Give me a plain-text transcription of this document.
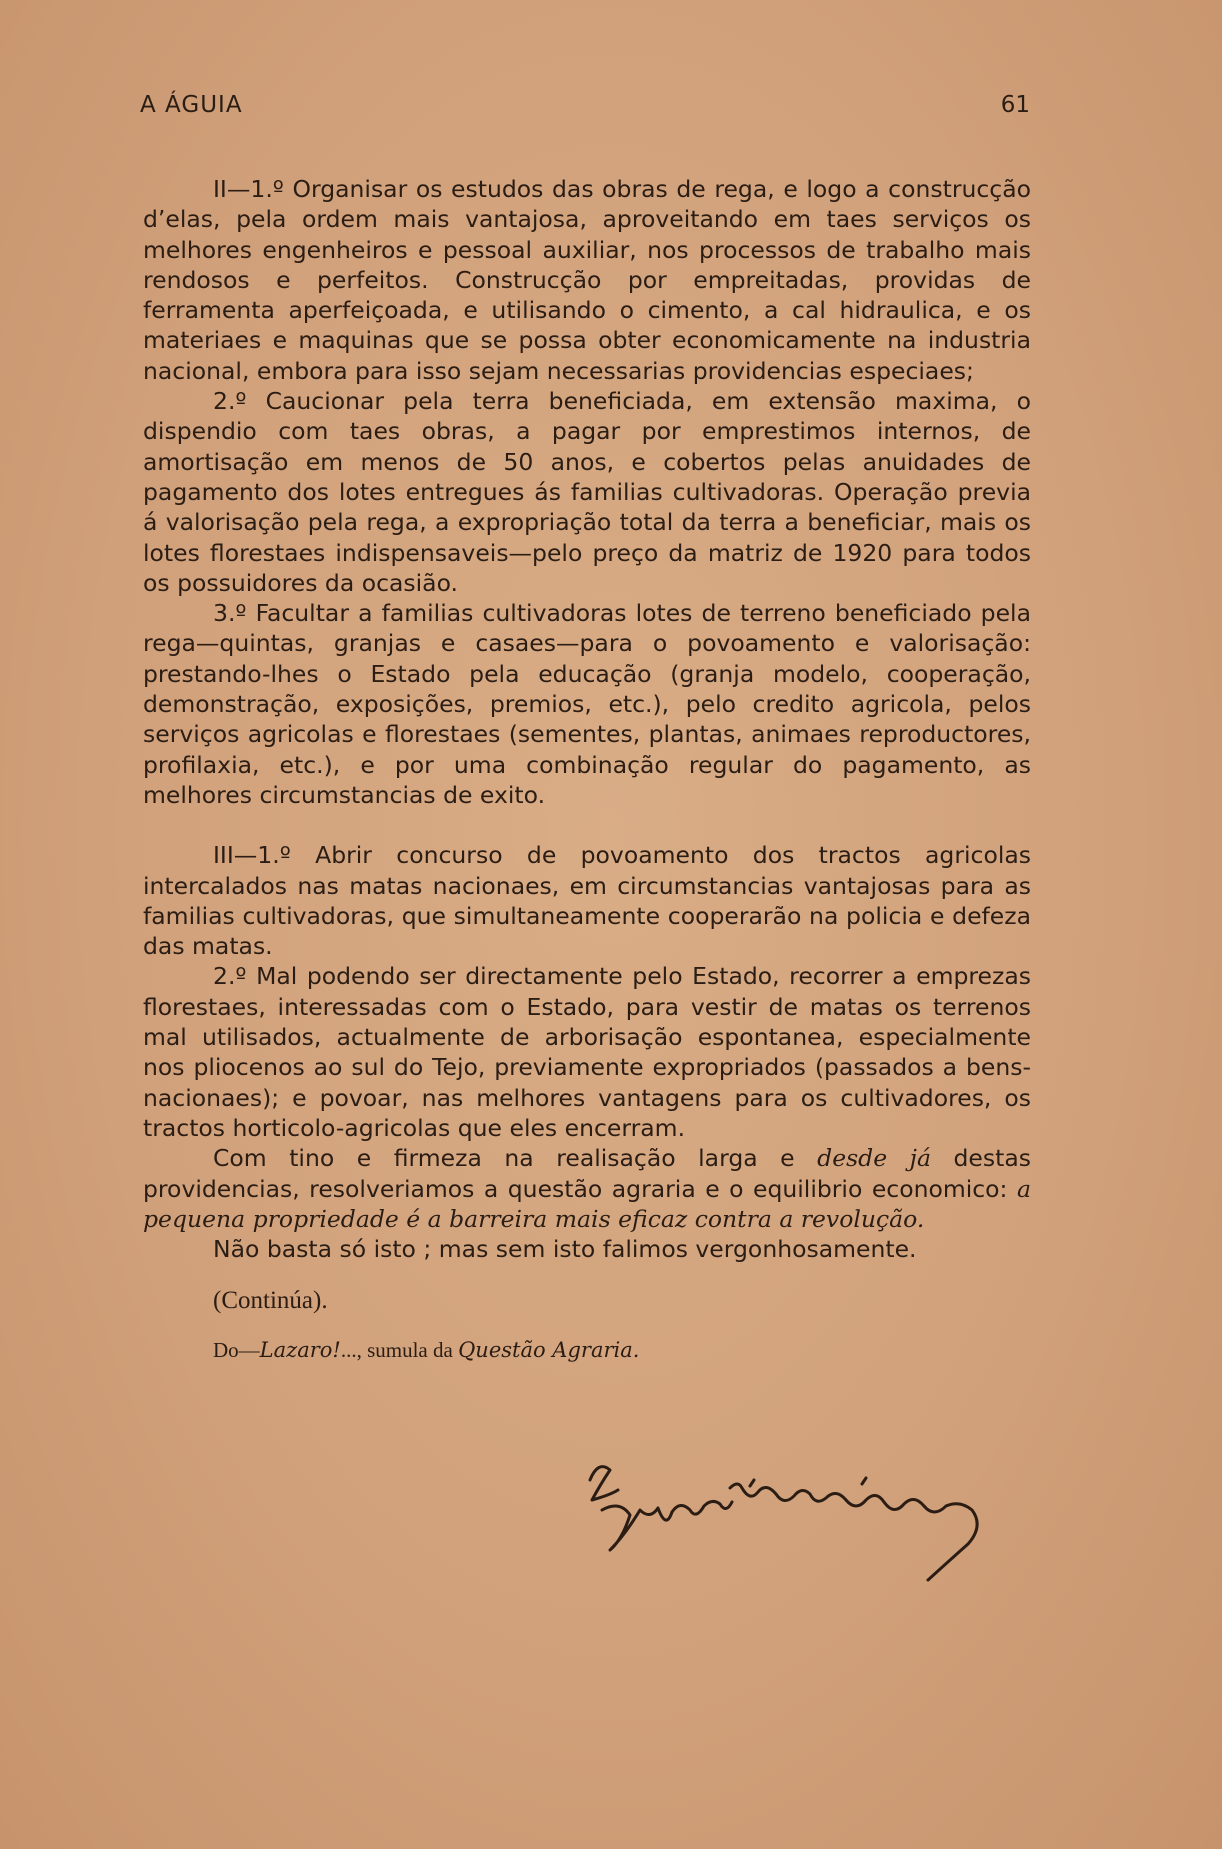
A ÁGUIA	61

II—1.º Organisar os estudos das obras de rega, e logo a construcção d’elas, pela ordem mais vantajosa, aproveitando em taes serviços os melhores engenheiros e pessoal auxiliar, nos processos de trabalho mais rendosos e perfeitos. Construcção por empreitadas, providas de ferramenta aperfeiçoada, e utilisando o cimento, a cal hidraulica, e os materiaes e maquinas que se possa obter economicamente na industria nacional, embora para isso sejam necessarias providencias especiaes;

2.º Caucionar pela terra beneficiada, em extensão maxima, o dispendio com taes obras, a pagar por emprestimos internos, de amortisação em menos de 50 anos, e cobertos pelas anuidades de pagamento dos lotes entregues ás familias cultivadoras. Operação previa á valorisação pela rega, a expropriação total da terra a beneficiar, mais os lotes florestaes indispensaveis—pelo preço da matriz de 1920 para todos os possuidores da ocasião.

3.º Facultar a familias cultivadoras lotes de terreno beneficiado pela rega—quintas, granjas e casaes—para o povoamento e valorisação: prestando-lhes o Estado pela educação (granja modelo, cooperação, demonstração, exposições, premios, etc.), pelo credito agricola, pelos serviços agricolas e florestaes (sementes, plantas, animaes reproductores, profilaxia, etc.), e por uma combinação regular do pagamento, as melhores circumstancias de exito.

III—1.º Abrir concurso de povoamento dos tractos agricolas intercalados nas matas nacionaes, em circumstancias vantajosas para as familias cultivadoras, que simultaneamente cooperarão na policia e defeza das matas.

2.º Mal podendo ser directamente pelo Estado, recorrer a emprezas florestaes, interessadas com o Estado, para vestir de matas os terrenos mal utilisados, actualmente de arborisação espontanea, especialmente nos pliocenos ao sul do Tejo, previamente expropriados (passados a bens-nacionaes); e povoar, nas melhores vantagens para os cultivadores, os tractos horticolo-agricolas que eles encerram.

Com tino e firmeza na realisação larga e desde já destas providencias, resolveriamos a questão agraria e o equilibrio economico: a pequena propriedade é a barreira mais eficaz contra a revolução.

Não basta só isto ; mas sem isto falimos vergonhosamente.

(Continúa).

Do—Lazaro!..., sumula da Questão Agraria.
